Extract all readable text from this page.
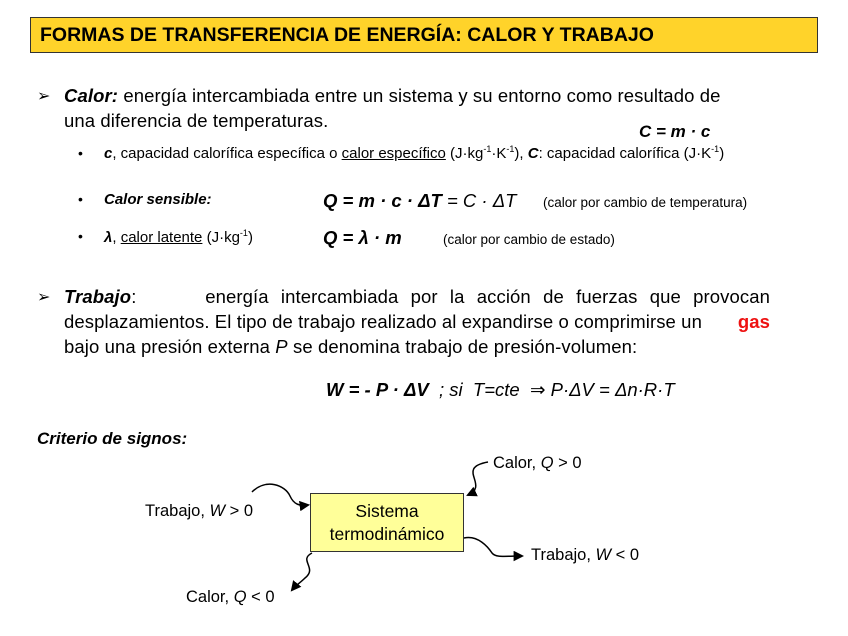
FORMAS DE TRANSFERENCIA DE ENERGÍA: CALOR Y TRABAJO
➢ Calor: energía intercambiada entre un sistema y su entorno como resultado de
una diferencia de temperaturas.
C = m · c
• c, capacidad calorífica específica o calor específico $(J\cdot kg^{-1}\cdot K^{-1})$, C: capacidad calorífica $(J\cdot K^{-1})$
• Calor sensible:	Q = m · c · ΔT = C · ΔT (calor por cambio de temperatura)
• λ, calor latente $(J\cdot kg^{-1})$	Q = λ · m	(calor por cambio de estado)
➢ Trabajo:	energía intercambiada por la acción de fuerzas que provocan
desplazamientos. El tipo de trabajo realizado al expandirse o comprimirse un gas
bajo una presión externa P se denomina trabajo de presión-volumen:
W = - P · ΔV  ; si  T=cte  ⇒ P·ΔV = Δn·R·T
Criterio de signos:
Sistema
termodinámico
Calor, Q > 0
Trabajo, W > 0
Trabajo, W < 0
Calor, Q < 0
